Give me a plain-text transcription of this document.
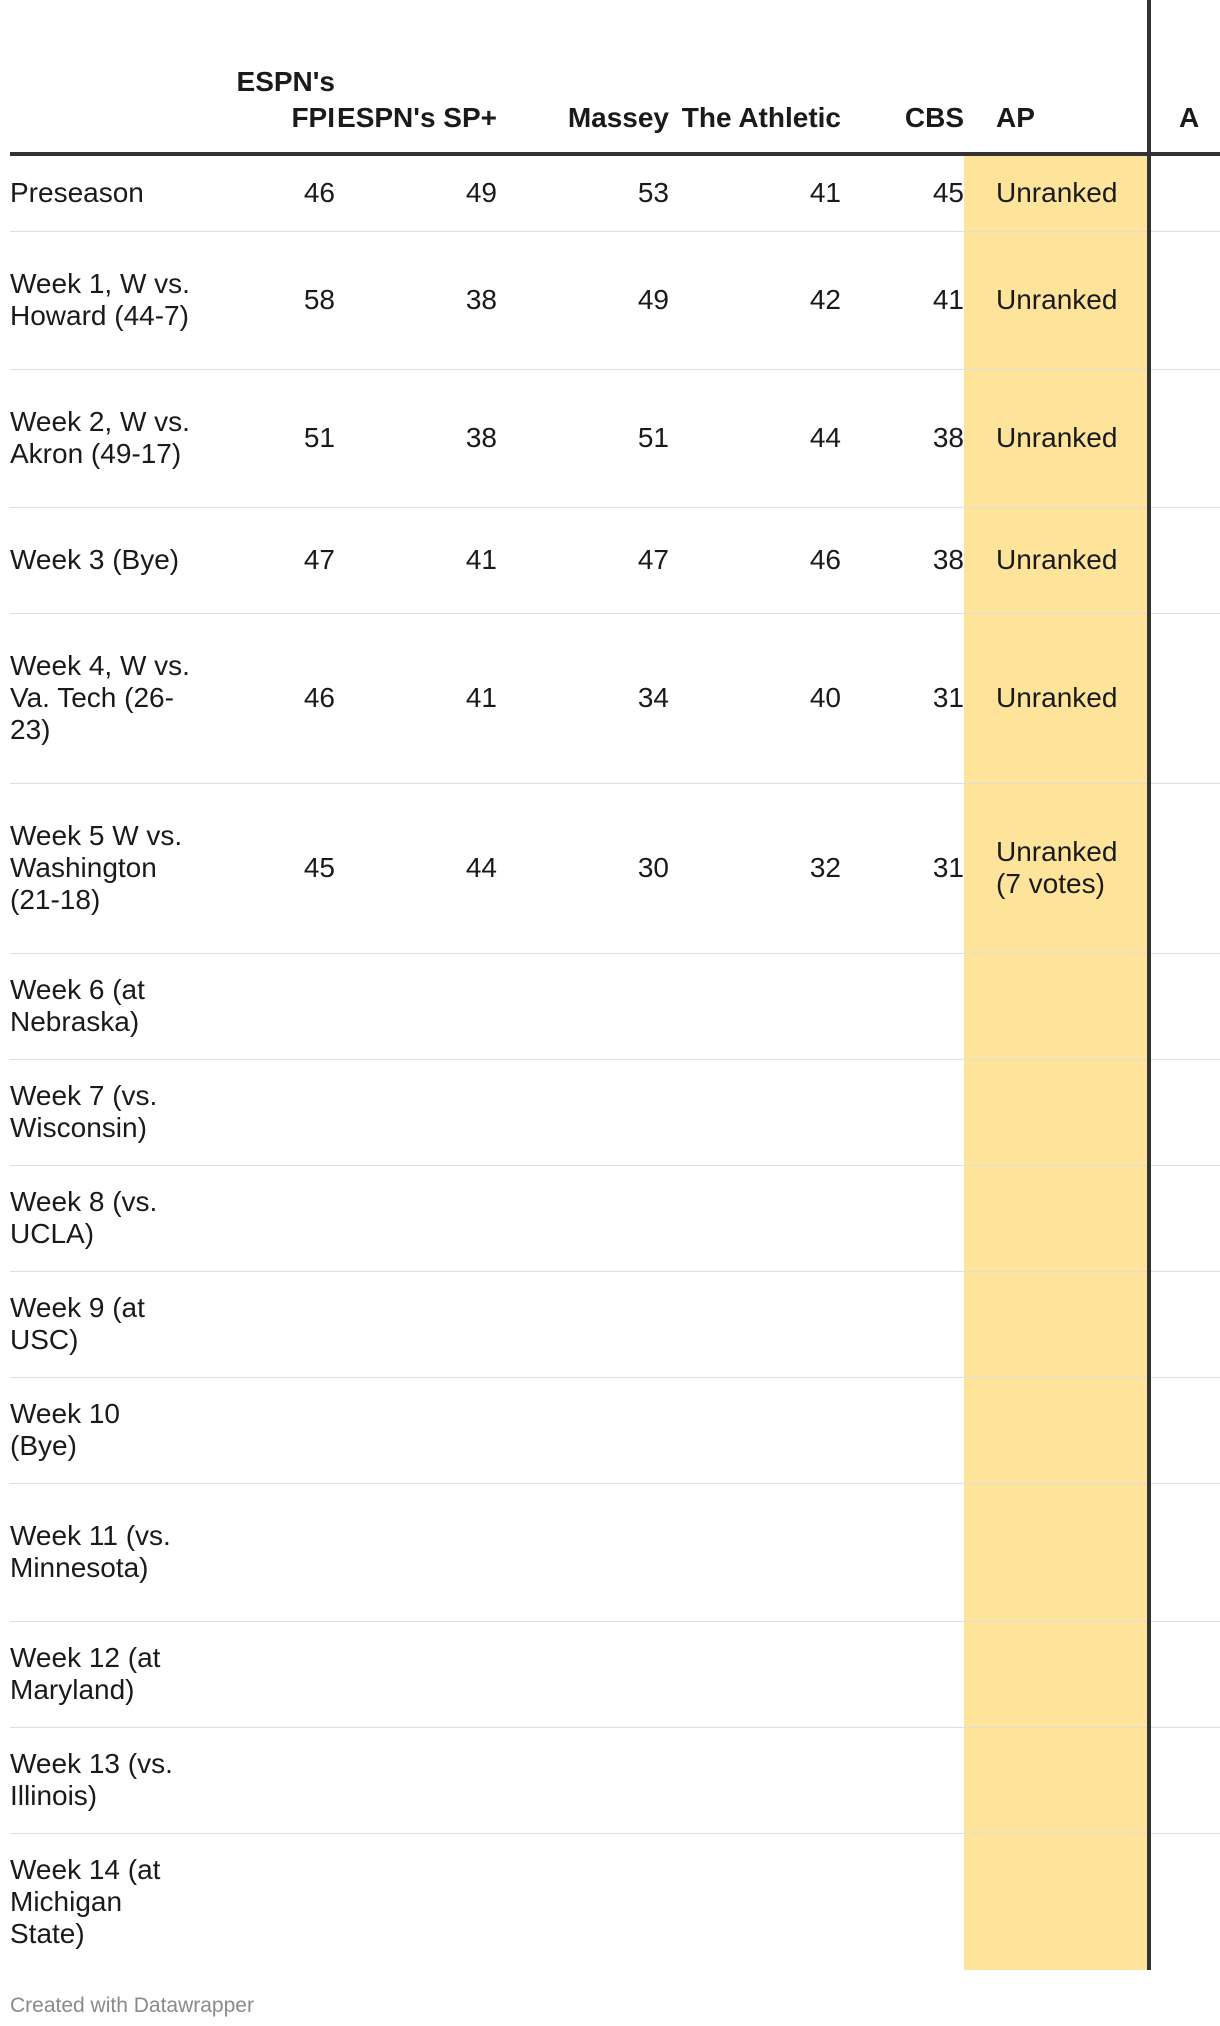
	ESPN's FPI	ESPN's SP+	Massey	The Athletic	CBS	AP	A
Preseason	46	49	53	41	45	Unranked	
Week 1, W vs. Howard (44-7)	58	38	49	42	41	Unranked	
Week 2, W vs. Akron (49-17)	51	38	51	44	38	Unranked	
Week 3 (Bye)	47	41	47	46	38	Unranked	
Week 4, W vs. Va. Tech (26-23)	46	41	34	40	31	Unranked	
Week 5 W vs. Washington (21-18)	45	44	30	32	31	Unranked (7 votes)	
Week 6 (at Nebraska)							
Week 7 (vs. Wisconsin)							
Week 8 (vs. UCLA)							
Week 9 (at USC)							
Week 10 (Bye)							
Week 11 (vs. Minnesota)							
Week 12 (at Maryland)							
Week 13 (vs. Illinois)							
Week 14 (at Michigan State)							
Created with Datawrapper
